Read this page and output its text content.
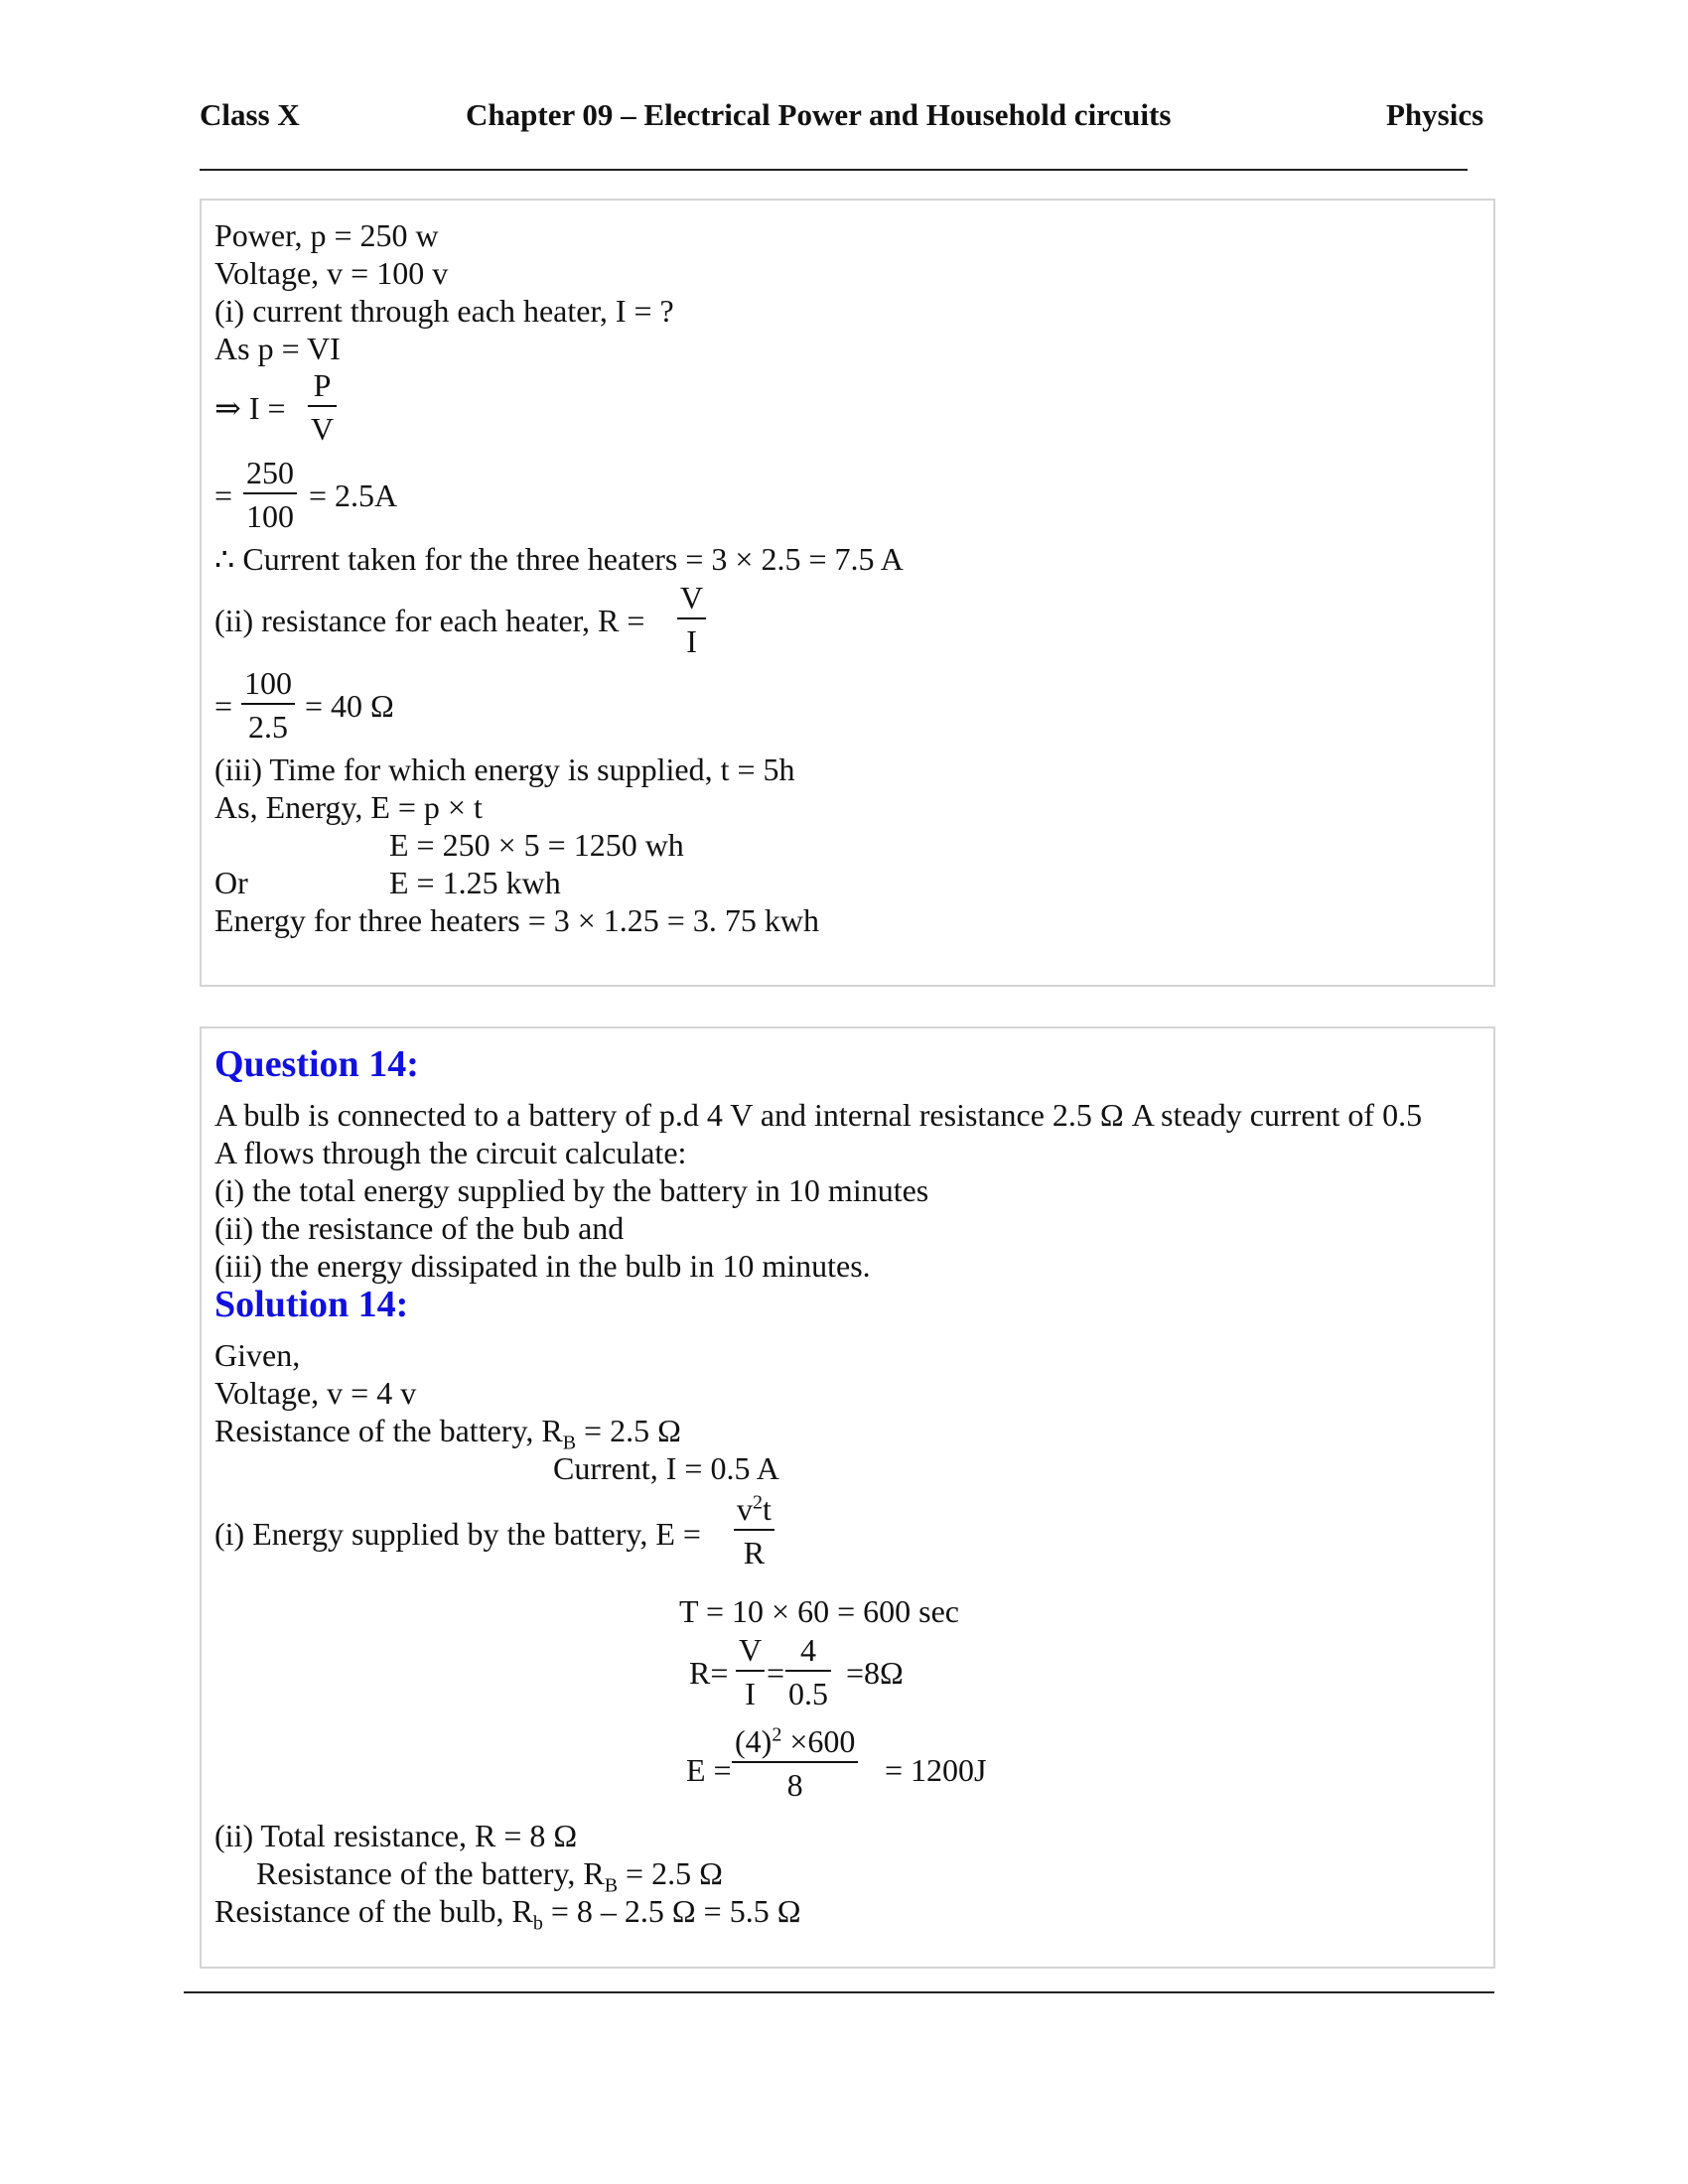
Class X	Chapter 09 – Electrical Power and Household circuits	Physics
Power, p = 250 w
Voltage, v = 100 v
(i) current through each heater, I = ?
As p = VI
⇒ I =
P
V
=
250
100
= 2.5A
∴ Current taken for the three heaters = 3 × 2.5 = 7.5 A
(ii) resistance for each heater, R =
V
I
=
100
2.5
= 40 Ω
(iii) Time for which energy is supplied, t = 5h
As, Energy, E = p × t
E = 250 × 5 = 1250 wh
Or	E = 1.25 kwh
Energy for three heaters = 3 × 1.25 = 3. 75 kwh
Question 14:
A bulb is connected to a battery of p.d 4 V and internal resistance 2.5 Ω A steady current of 0.5
A flows through the circuit calculate:
(i) the total energy supplied by the battery in 10 minutes
(ii) the resistance of the bub and
(iii) the energy dissipated in the bulb in 10 minutes.
Solution 14:
Given,
Voltage, v = 4 v
Resistance of the battery, $R_B = 2.5$ Ω
Current, I = 0.5 A
(i) Energy supplied by the battery, E =
$v^2t$
R
T = 10 × 60 = 600 sec
R=
V
I
=
4
0.5
=8Ω
E =
$(4)^2 \times 600$
8	= 1200J
(ii) Total resistance, R = 8 Ω
Resistance of the battery, $R_B = 2.5$ Ω
Resistance of the bulb, $R_b = 8 - 2.5$ Ω = 5.5 Ω
